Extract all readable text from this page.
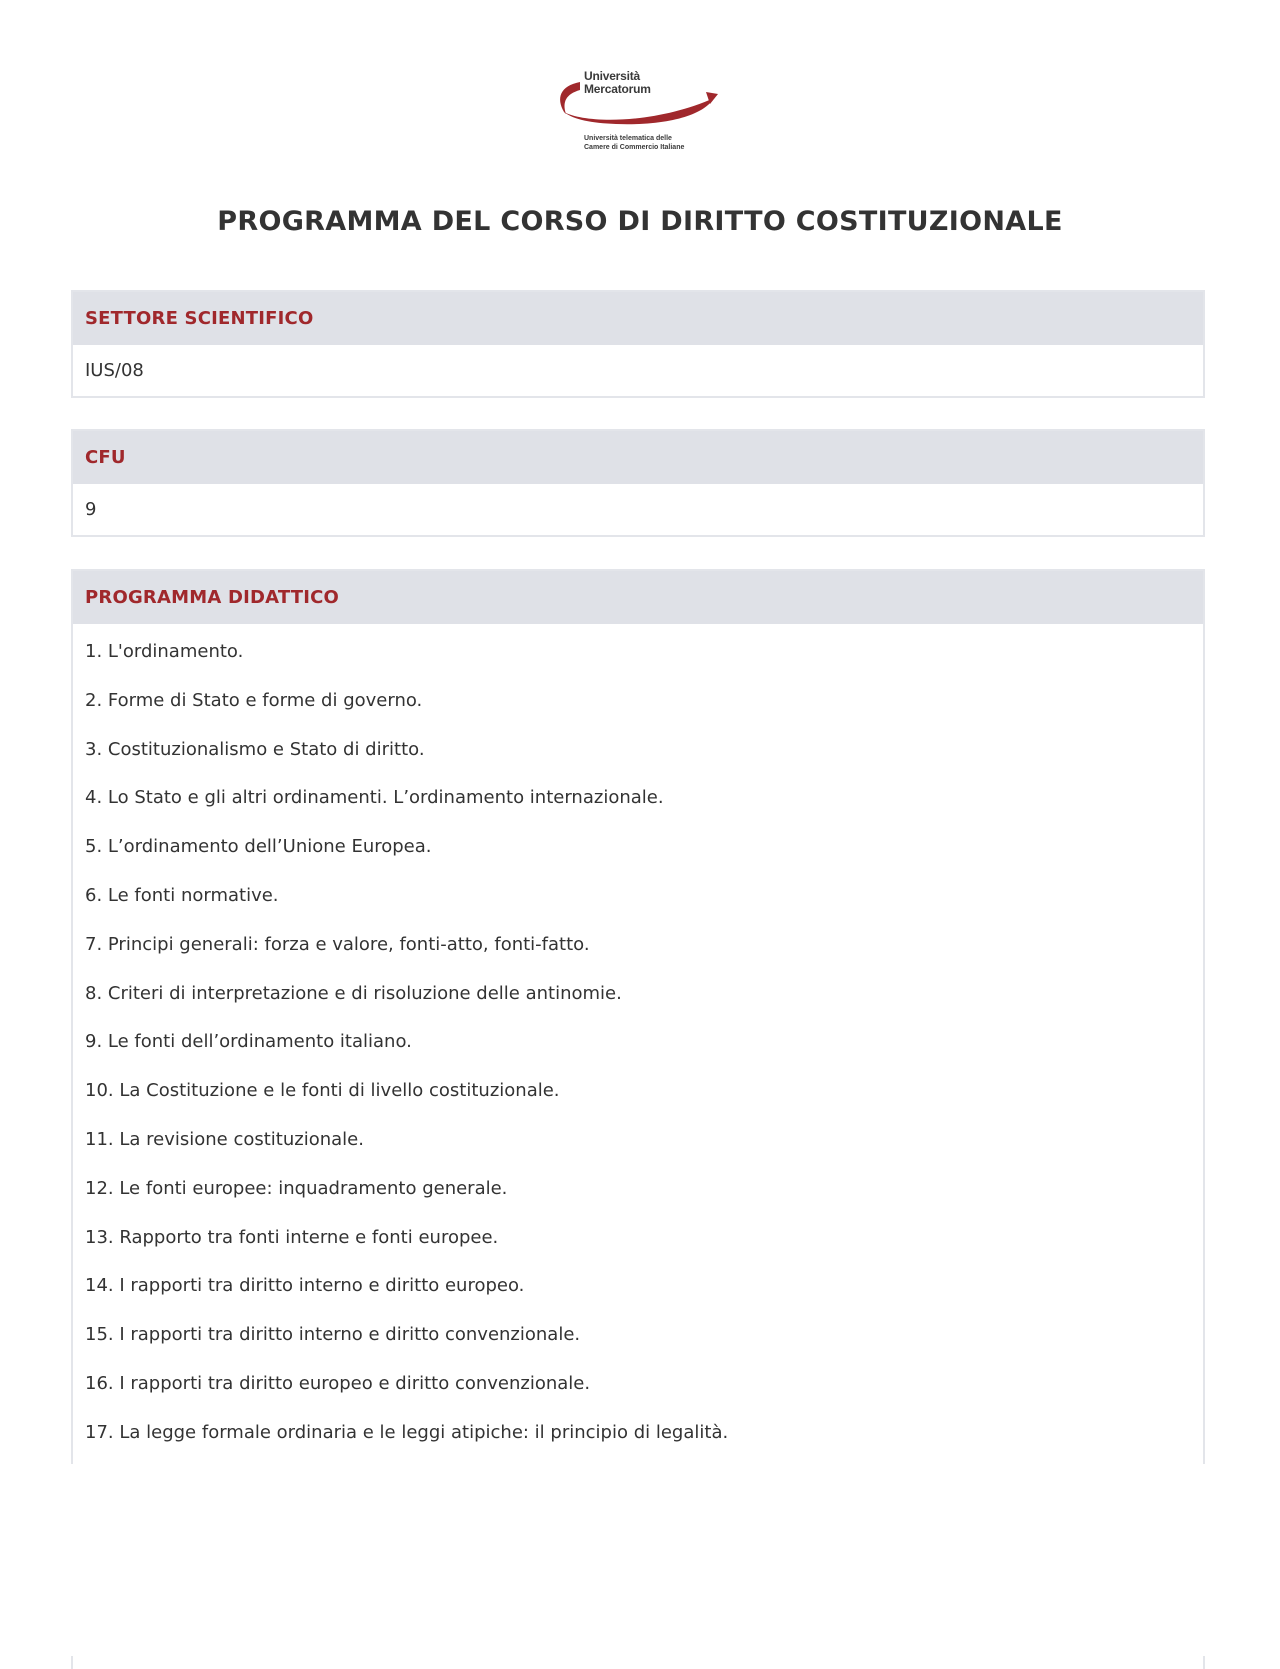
Università
Mercatorum
Università telematica delle
Camere di Commercio Italiane
PROGRAMMA DEL CORSO DI DIRITTO COSTITUZIONALE
SETTORE SCIENTIFICO
IUS/08
CFU
9
PROGRAMMA DIDATTICO
1. L'ordinamento.
2. Forme di Stato e forme di governo.
3. Costituzionalismo e Stato di diritto.
4. Lo Stato e gli altri ordinamenti. L’ordinamento internazionale.
5. L’ordinamento dell’Unione Europea.
6. Le fonti normative.
7. Principi generali: forza e valore, fonti-atto, fonti-fatto.
8. Criteri di interpretazione e di risoluzione delle antinomie.
9. Le fonti dell’ordinamento italiano.
10. La Costituzione e le fonti di livello costituzionale.
11. La revisione costituzionale.
12. Le fonti europee: inquadramento generale.
13. Rapporto tra fonti interne e fonti europee.
14. I rapporti tra diritto interno e diritto europeo.
15. I rapporti tra diritto interno e diritto convenzionale.
16. I rapporti tra diritto europeo e diritto convenzionale.
17. La legge formale ordinaria e le leggi atipiche: il principio di legalità.
